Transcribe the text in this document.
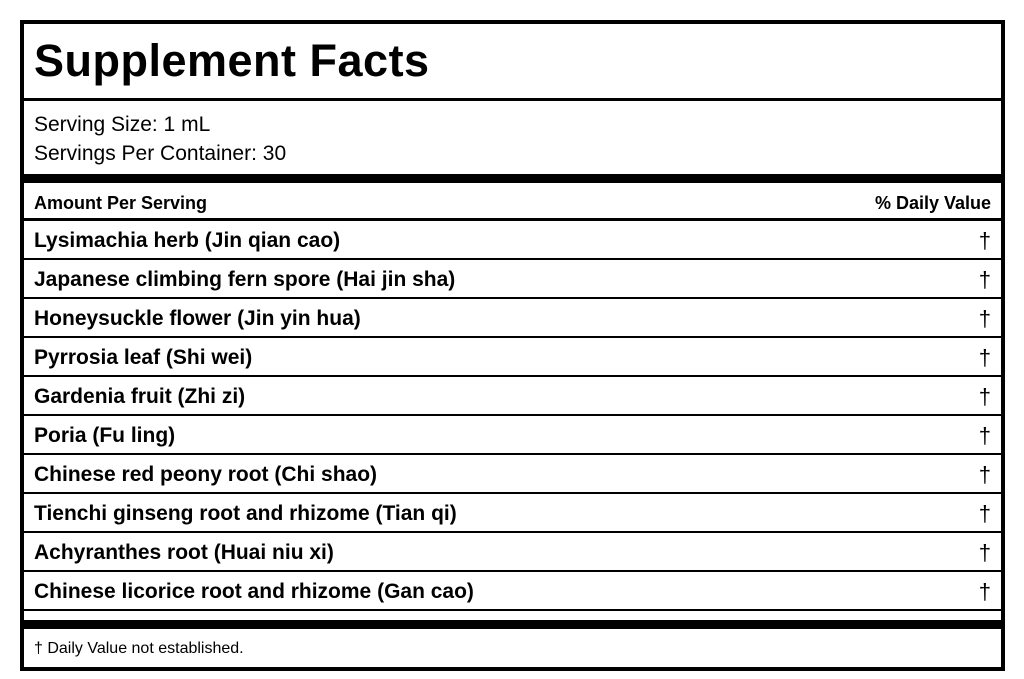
Supplement Facts
Serving Size: 1 mL
Servings Per Container: 30
Amount Per Serving	% Daily Value
Lysimachia herb (Jin qian cao)	†
Japanese climbing fern spore (Hai jin sha)	†
Honeysuckle flower (Jin yin hua)	†
Pyrrosia leaf (Shi wei)	†
Gardenia fruit (Zhi zi)	†
Poria (Fu ling)	†
Chinese red peony root (Chi shao)	†
Tienchi ginseng root and rhizome (Tian qi)	†
Achyranthes root (Huai niu xi)	†
Chinese licorice root and rhizome (Gan cao)	†
† Daily Value not established.
